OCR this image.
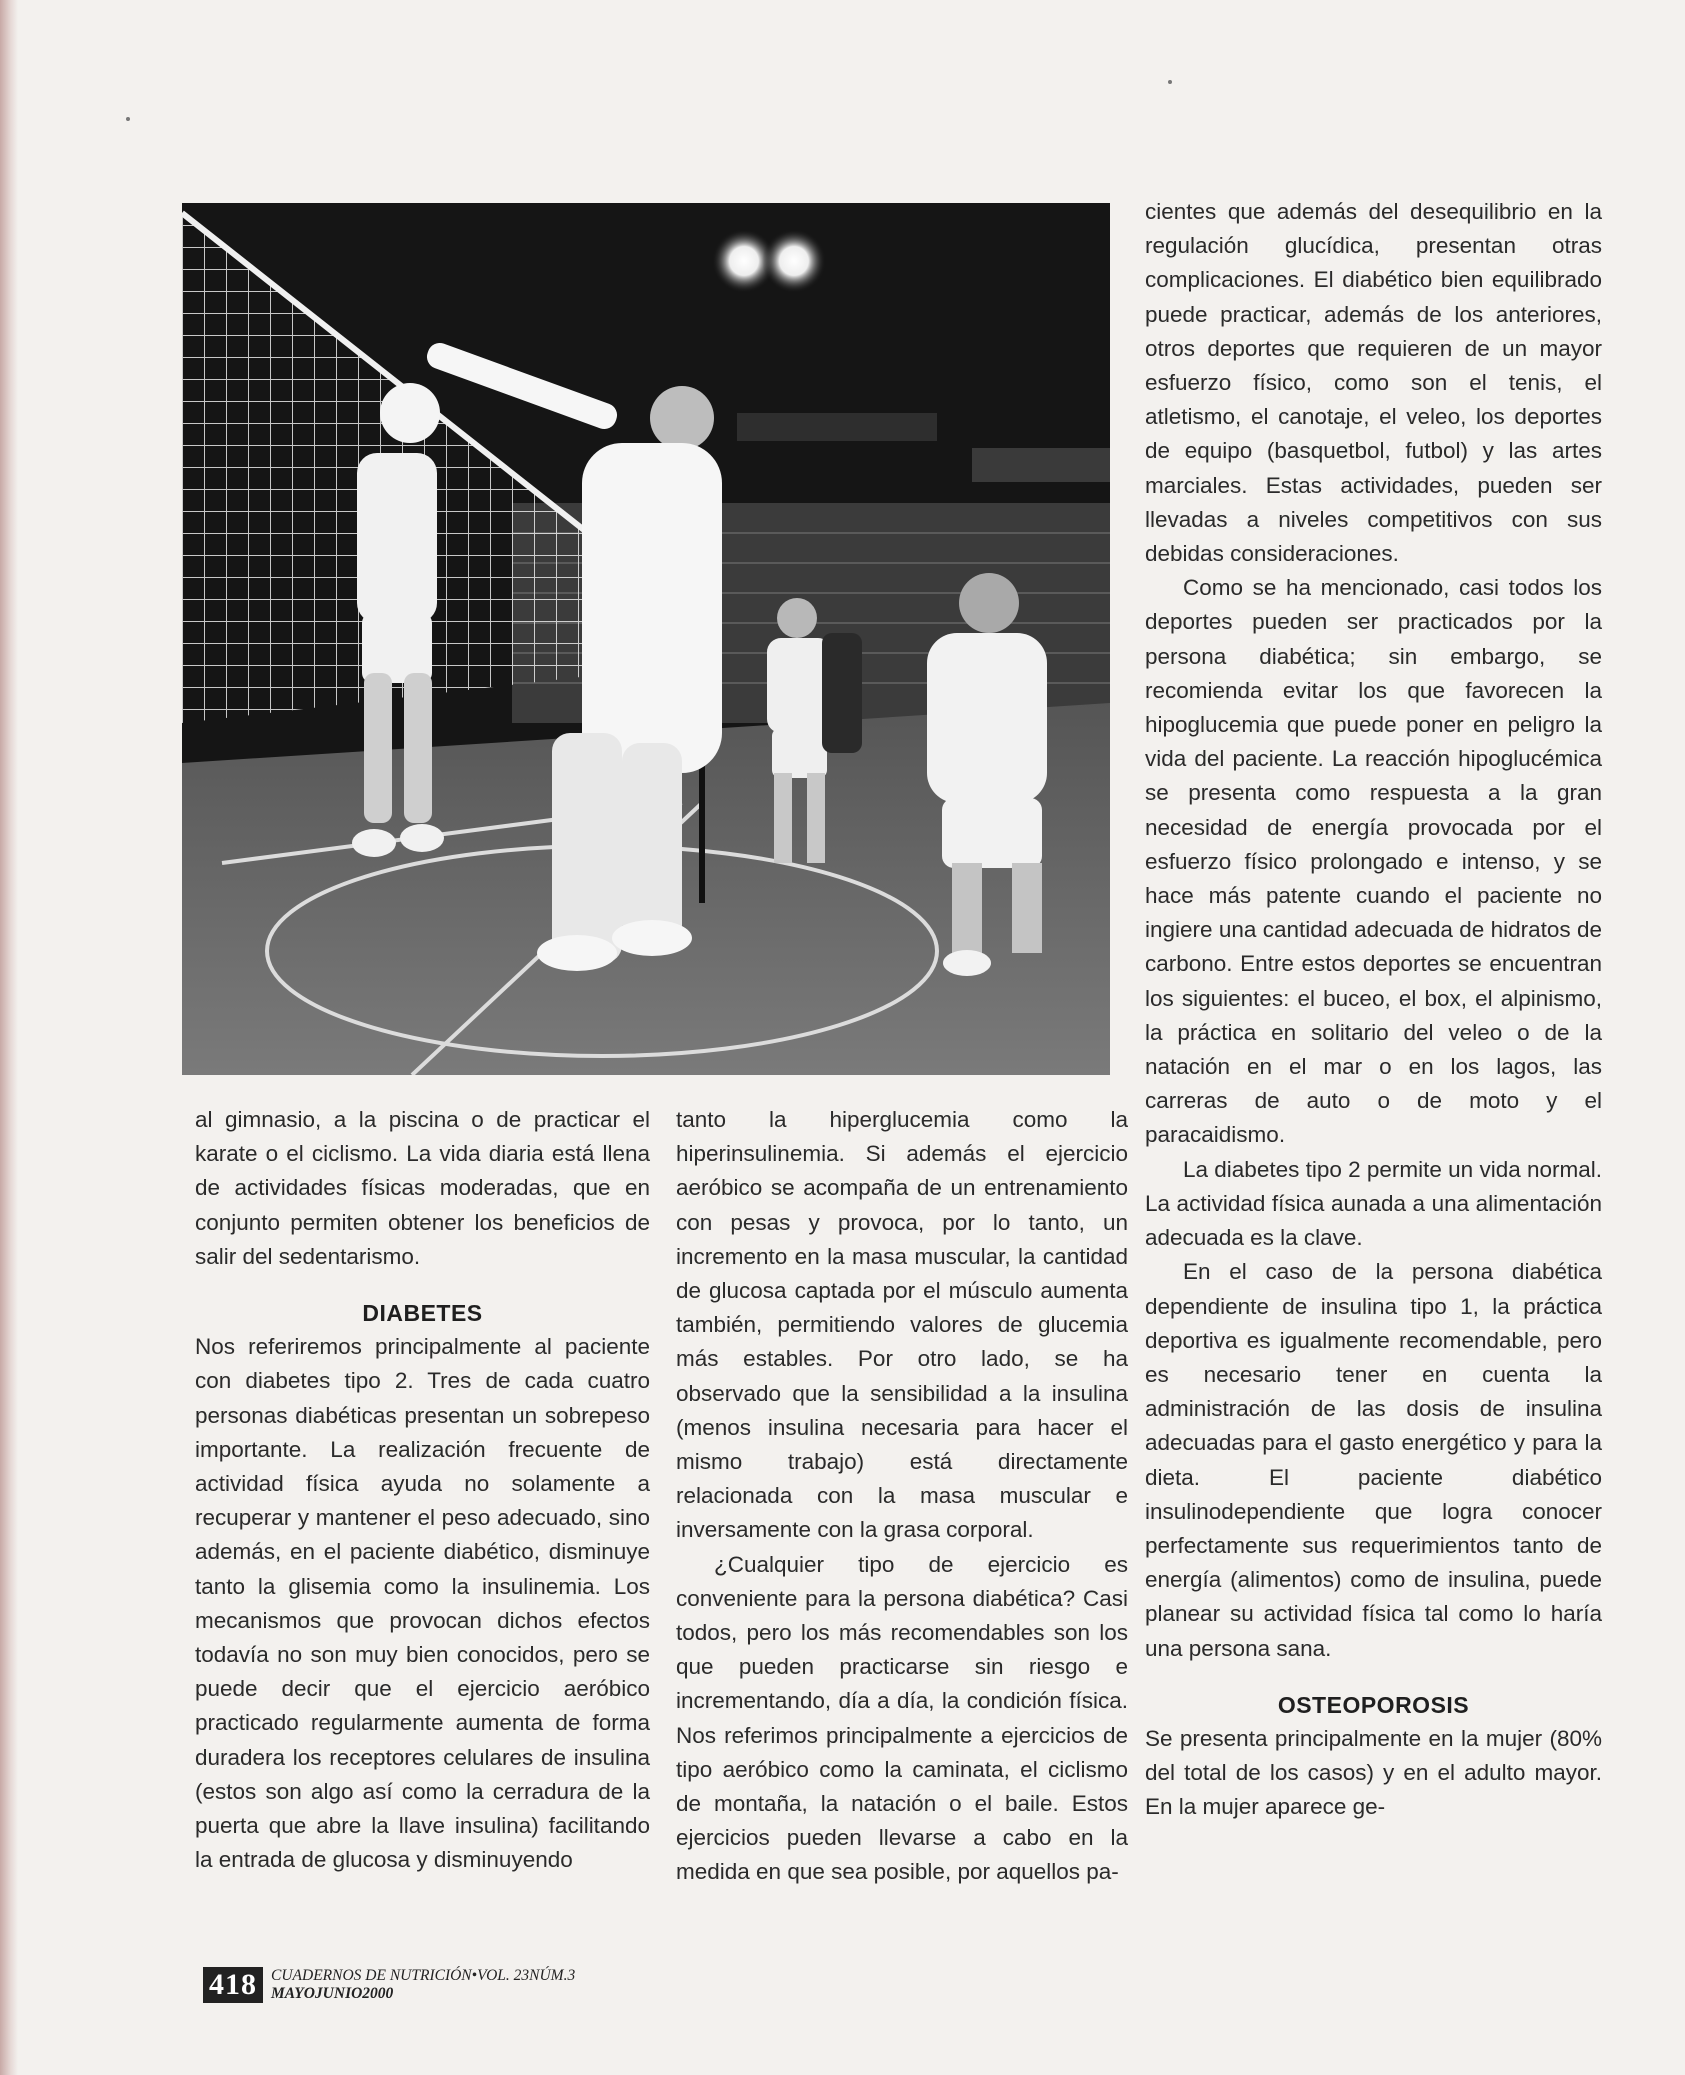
al gimnasio, a la piscina o de practicar el karate o el ciclismo. La vida diaria está llena de actividades físicas moderadas, que en conjunto permiten obtener los beneficios de salir del sedentarismo.

DIABETES

Nos referiremos principalmente al paciente con diabetes tipo 2. Tres de cada cuatro personas diabéticas presentan un sobrepeso importante. La realización frecuente de actividad física ayuda no solamente a recuperar y mantener el peso adecuado, sino además, en el paciente diabético, disminuye tanto la glisemia como la insulinemia. Los mecanismos que provocan dichos efectos todavía no son muy bien conocidos, pero se puede decir que el ejercicio aeróbico practicado regularmente aumenta de forma duradera los receptores celulares de insulina (estos son algo así como la cerradura de la puerta que abre la llave insulina) facilitando la entrada de glucosa y disminuyendo

tanto la hiperglucemia como la hiperinsulinemia. Si además el ejercicio aeróbico se acompaña de un entrenamiento con pesas y provoca, por lo tanto, un incremento en la masa muscular, la cantidad de glucosa captada por el músculo aumenta también, permitiendo valores de glucemia más estables. Por otro lado, se ha observado que la sensibilidad a la insulina (menos insulina necesaria para hacer el mismo trabajo) está directamente relacionada con la masa muscular e inversamente con la grasa corporal.

¿Cualquier tipo de ejercicio es conveniente para la persona diabética? Casi todos, pero los más recomendables son los que pueden practicarse sin riesgo e incrementando, día a día, la condición física. Nos referimos principalmente a ejercicios de tipo aeróbico como la caminata, el ciclismo de montaña, la natación o el baile. Estos ejercicios pueden llevarse a cabo en la medida en que sea posible, por aquellos pa-

cientes que además del desequilibrio en la regulación glucídica, presentan otras complicaciones. El diabético bien equilibrado puede practicar, además de los anteriores, otros deportes que requieren de un mayor esfuerzo físico, como son el tenis, el atletismo, el canotaje, el veleo, los deportes de equipo (basquetbol, futbol) y las artes marciales. Estas actividades, pueden ser llevadas a niveles competitivos con sus debidas consideraciones.

Como se ha mencionado, casi todos los deportes pueden ser practicados por la persona diabética; sin embargo, se recomienda evitar los que favorecen la hipoglucemia que puede poner en peligro la vida del paciente. La reacción hipoglucémica se presenta como respuesta a la gran necesidad de energía provocada por el esfuerzo físico prolongado e intenso, y se hace más patente cuando el paciente no ingiere una cantidad adecuada de hidratos de carbono. Entre estos deportes se encuentran los siguientes: el buceo, el box, el alpinismo, la práctica en solitario del veleo o de la natación en el mar o en los lagos, las carreras de auto o de moto y el paracaidismo.

La diabetes tipo 2 permite un vida normal. La actividad física aunada a una alimentación adecuada es la clave.

En el caso de la persona diabética dependiente de insulina tipo 1, la práctica deportiva es igualmente recomendable, pero es necesario tener en cuenta la administración de las dosis de insulina adecuadas para el gasto energético y para la dieta. El paciente diabético insulinodependiente que logra conocer perfectamente sus requerimientos tanto de energía (alimentos) como de insulina, puede planear su actividad física tal como lo haría una persona sana.

OSTEOPOROSIS

Se presenta principalmente en la mujer (80% del total de los casos) y en el adulto mayor. En la mujer aparece ge-

418 CUADERNOS DE NUTRICIÓN•VOL. 23NÚM.3
MAYOJUNIO2000
